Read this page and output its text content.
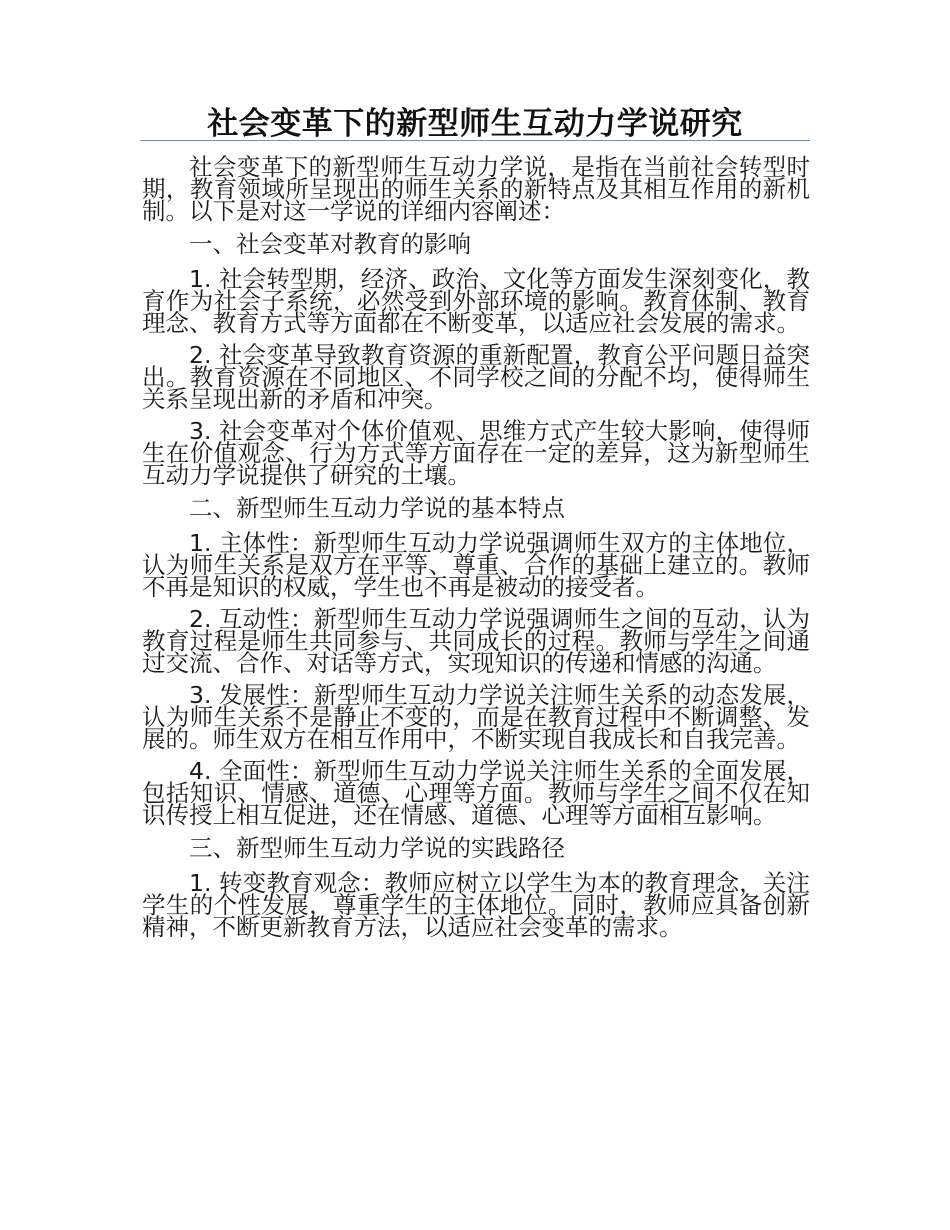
社会变革下的新型师生互动力学说研究

社会变革下的新型师生互动力学说，是指在当前社会转型时期，教育领域所呈现出的师生关系的新特点及其相互作用的新机制。以下是对这一学说的详细内容阐述：

一、社会变革对教育的影响

1. 社会转型期，经济、政治、文化等方面发生深刻变化，教育作为社会子系统，必然受到外部环境的影响。教育体制、教育理念、教育方式等方面都在不断变革，以适应社会发展的需求。

2. 社会变革导致教育资源的重新配置，教育公平问题日益突出。教育资源在不同地区、不同学校之间的分配不均，使得师生关系呈现出新的矛盾和冲突。

3. 社会变革对个体价值观、思维方式产生较大影响，使得师生在价值观念、行为方式等方面存在一定的差异，这为新型师生互动力学说提供了研究的土壤。

二、新型师生互动力学说的基本特点

1. 主体性：新型师生互动力学说强调师生双方的主体地位，认为师生关系是双方在平等、尊重、合作的基础上建立的。教师不再是知识的权威，学生也不再是被动的接受者。

2. 互动性：新型师生互动力学说强调师生之间的互动，认为教育过程是师生共同参与、共同成长的过程。教师与学生之间通过交流、合作、对话等方式，实现知识的传递和情感的沟通。

3. 发展性：新型师生互动力学说关注师生关系的动态发展，认为师生关系不是静止不变的，而是在教育过程中不断调整、发展的。师生双方在相互作用中，不断实现自我成长和自我完善。

4. 全面性：新型师生互动力学说关注师生关系的全面发展，包括知识、情感、道德、心理等方面。教师与学生之间不仅在知识传授上相互促进，还在情感、道德、心理等方面相互影响。

三、新型师生互动力学说的实践路径

1. 转变教育观念：教师应树立以学生为本的教育理念，关注学生的个性发展，尊重学生的主体地位。同时，教师应具备创新精神，不断更新教育方法，以适应社会变革的需求。
